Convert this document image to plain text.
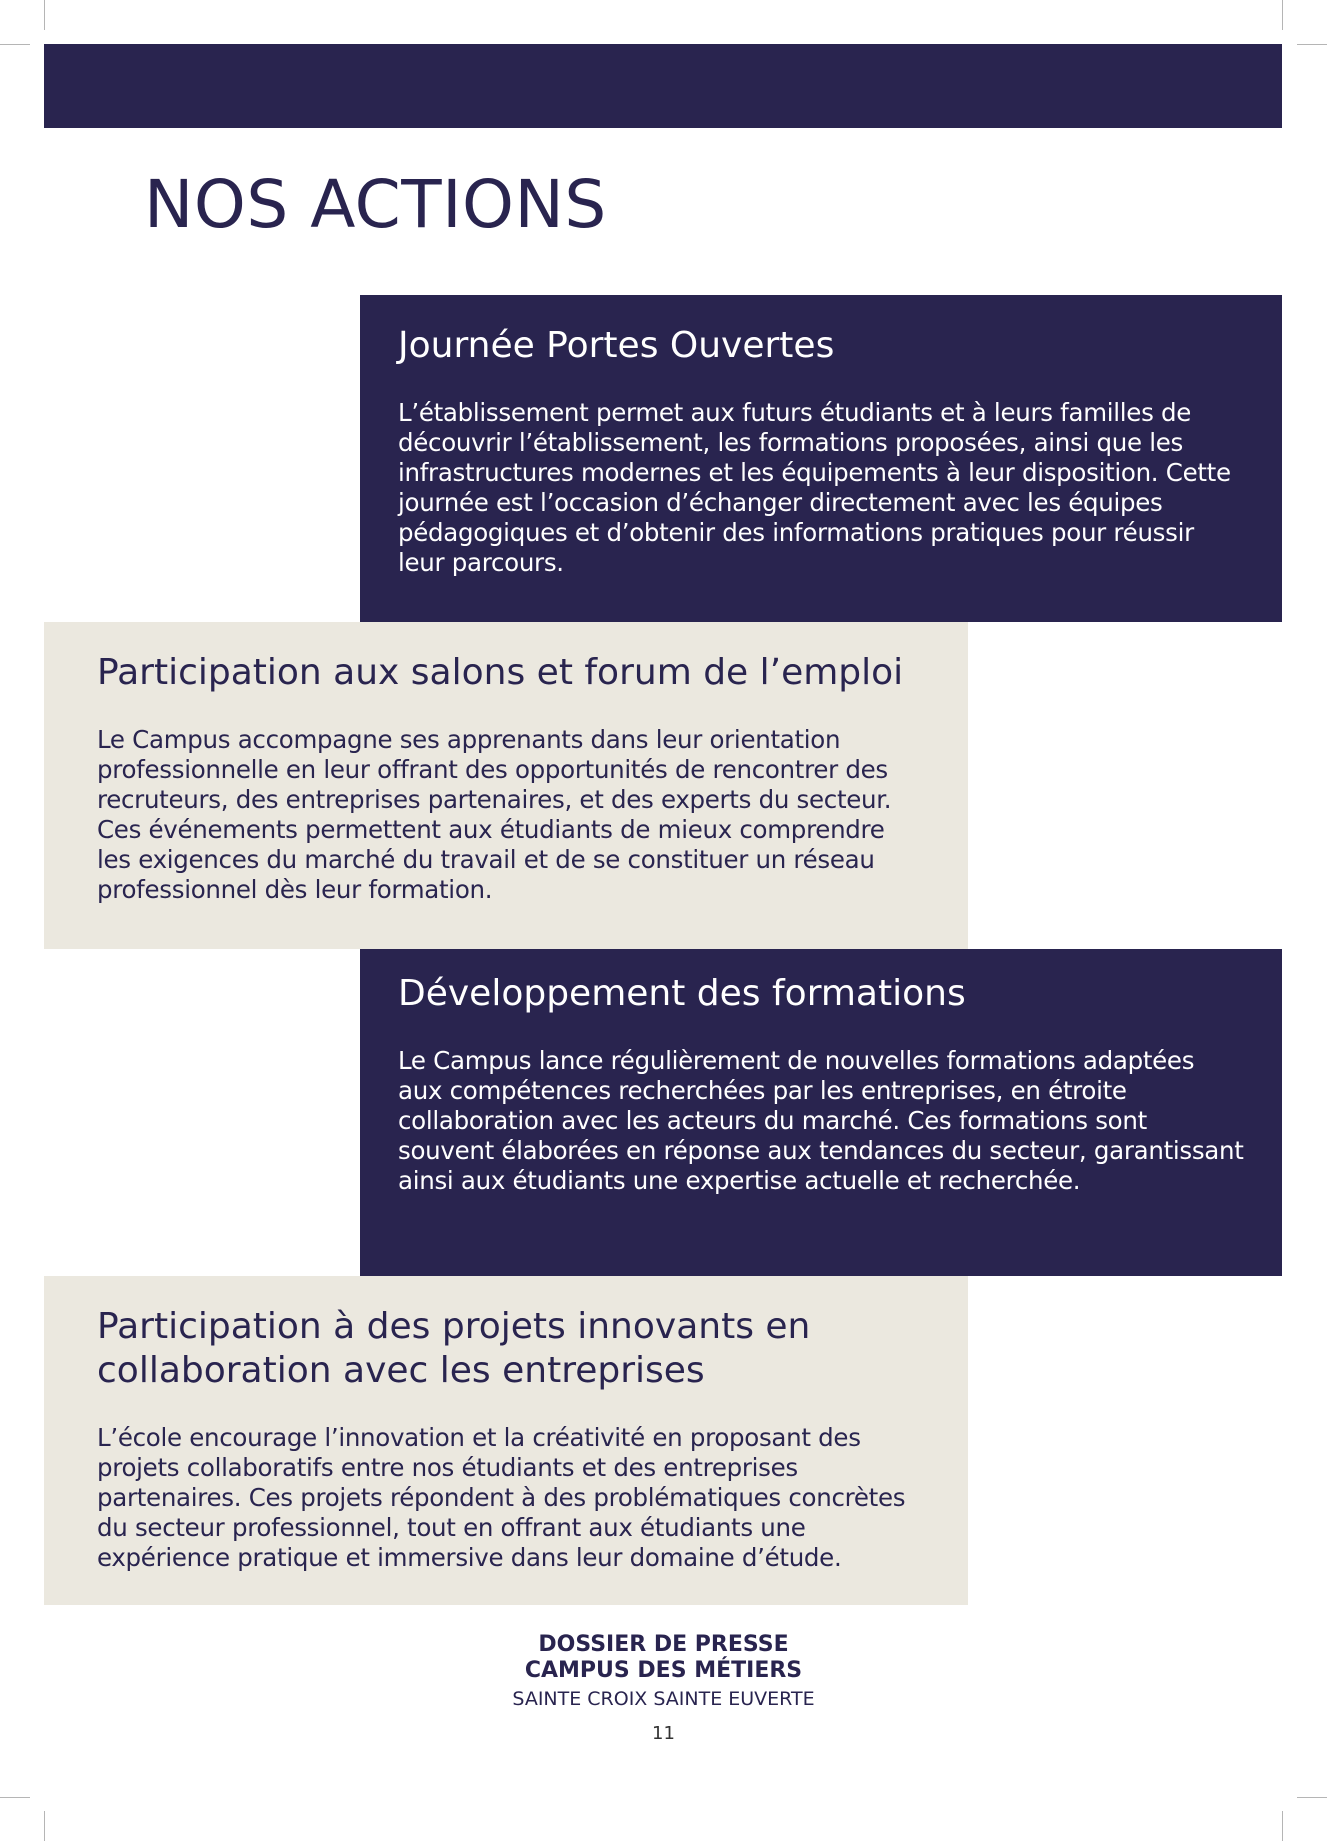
NOS ACTIONS
Journée Portes Ouvertes

L’établissement permet aux futurs étudiants et à leurs familles de découvrir l’établissement, les formations proposées, ainsi que les infrastructures modernes et les équipements à leur disposition. Cette journée est l’occasion d’échanger directement avec les équipes pédagogiques et d’obtenir des informations pratiques pour réussir leur parcours.

Participation aux salons et forum de l’emploi

Le Campus accompagne ses apprenants dans leur orientation professionnelle en leur offrant des opportunités de rencontrer des recruteurs, des entreprises partenaires, et des experts du secteur. Ces événements permettent aux étudiants de mieux comprendre les exigences du marché du travail et de se constituer un réseau professionnel dès leur formation.

Développement des formations

Le Campus lance régulièrement de nouvelles formations adaptées aux compétences recherchées par les entreprises, en étroite collaboration avec les acteurs du marché. Ces formations sont souvent élaborées en réponse aux tendances du secteur, garantissant ainsi aux étudiants une expertise actuelle et recherchée.

Participation à des projets innovants en
collaboration avec les entreprises

L’école encourage l’innovation et la créativité en proposant des projets collaboratifs entre nos étudiants et des entreprises partenaires. Ces projets répondent à des problématiques concrètes du secteur professionnel, tout en offrant aux étudiants une expérience pratique et immersive dans leur domaine d’étude.

DOSSIER DE PRESSE
CAMPUS DES MÉTIERS
SAINTE CROIX SAINTE EUVERTE
11
